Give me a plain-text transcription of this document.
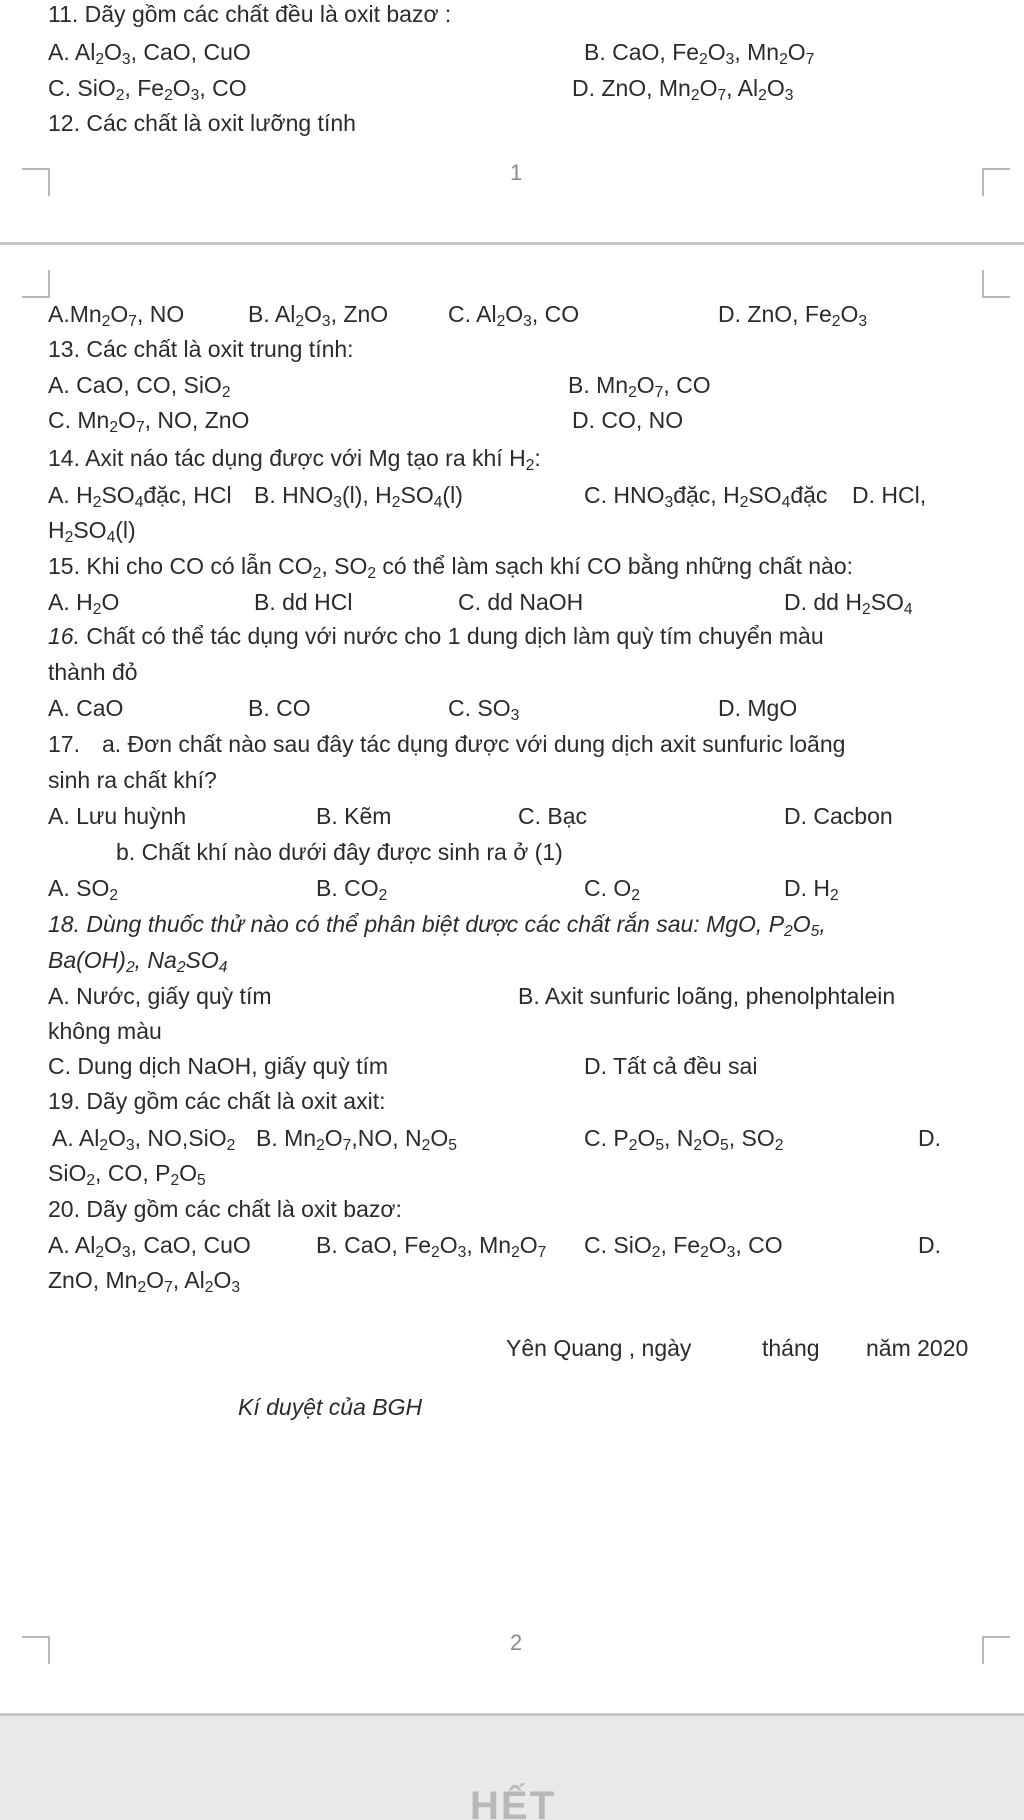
11. Dãy gồm các chất đều là oxit bazơ :
A. $Al_2O_3$, CaO, CuO	B. CaO, $Fe_2O_3$, $Mn_2O_7$
C. SiO$_2$, $Fe_2O_3$, CO	D. ZnO, $Mn_2O_7$, $Al_2O_3$
12. Các chất là oxit lưỡng tính
1
$A.Mn_2O_7$, NO	B. $Al_2O_3$, ZnO	C. $Al_2O_3$, CO	D. ZnO, $Fe_2O_3$
13. Các chất là oxit trung tính:
A. CaO, CO, SiO$_2$	B. $Mn_2O_7$, CO
C. $Mn_2O_7$, NO, ZnO	D. CO, NO
14. Axit náo tác dụng được với Mg tạo ra khí $H_2$:
A. $H_2SO_4đặc$, HCl B. $HNO_3(l)$, $H_2SO_4(l)$	C. $HNO_3đặc$, $H_2SO_4đặc$ D. HCl,
$H_2SO_4(l)$
15. Khi cho CO có lẫn $CO_2$, $SO_2$ có thể làm sạch khí CO bằng những chất nào:
A. $H_2O$	B. dd HCl	C. dd NaOH	D. dd $H_2SO_4$
16. Chất có thể tác dụng với nước cho 1 dung dịch làm quỳ tím chuyển màu
thành đỏ
A. CaO	B. CO	C. $SO_3$	D. MgO
17. a. Đơn chất nào sau đây tác dụng được với dung dịch axit sunfuric loãng
sinh ra chất khí?
A. Lưu huỳnh	B. Kẽm	C. Bạc	D. Cacbon
b. Chất khí nào dưới đây được sinh ra ở (1)
A. $SO_2$	B. $CO_2$	C. $O_2$	D. $H_2$
18. Dùng thuốc thử nào có thể phân biệt dược các chất rắn sau: MgO, $P_2O_5$,
$Ba(OH)_2$, $Na_2SO_4$
A. Nước, giấy quỳ tím	B. Axit sunfuric loãng, phenolphtalein
không màu
C. Dung dịch NaOH, giấy quỳ tím	D. Tất cả đều sai
19. Dãy gồm các chất là oxit axit:
A. $Al_2O_3$, NO,SiO$_2$ B. $Mn_2O_7,NO$, $N_2O_5$	C. $P_2O_5$, $N_2O_5$, $SO_2$	D.
SiO$_2$, CO, $P_2O_5$
20. Dãy gồm các chất là oxit bazơ:
A. $Al_2O_3$, CaO, CuO	B. CaO, $Fe_2O_3$, $Mn_2O_7$ C. SiO$_2$, $Fe_2O_3$, CO	D.
ZnO, $Mn_2O_7$, $Al_2O_3$
Yên Quang , ngày	tháng năm 2020
Kí duyệt của BGH
2
HẾT
